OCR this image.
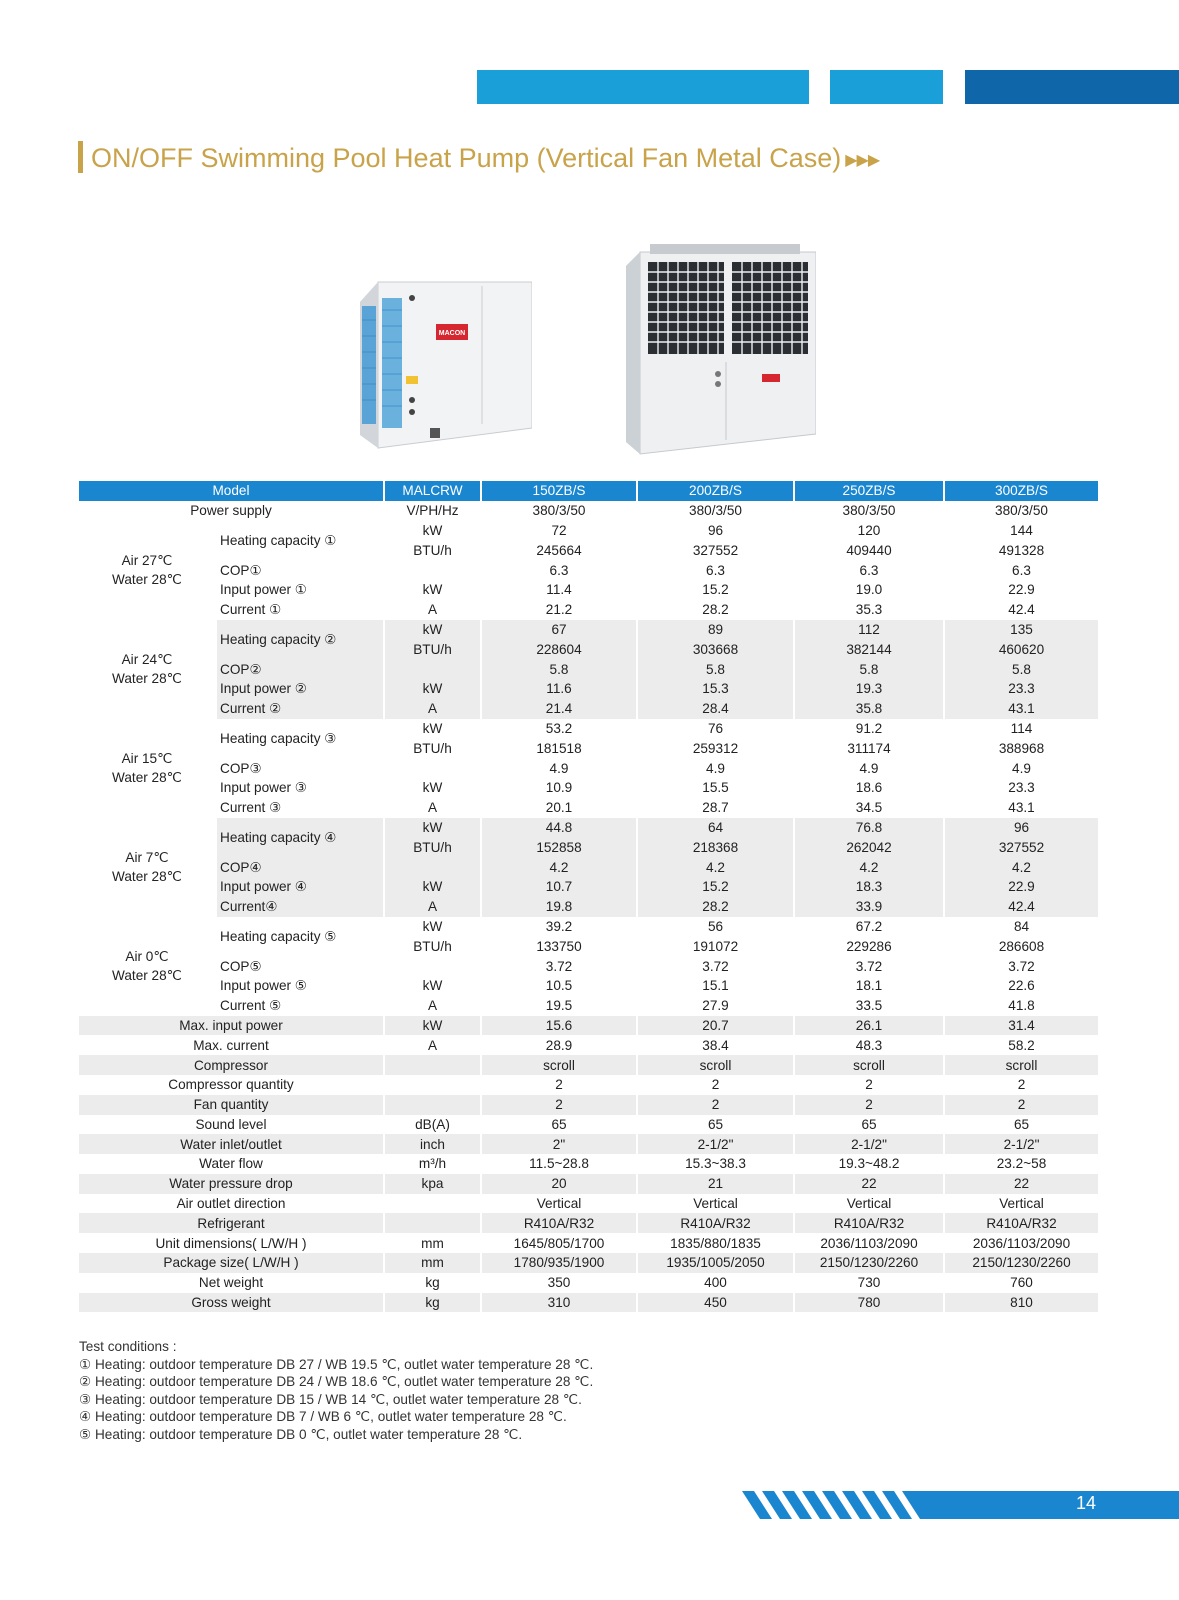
ON/OFF Swimming Pool Heat Pump (Vertical Fan Metal Case) ▶▶▶
MACON
Model		MALCRW	150ZB/S	200ZB/S	250ZB/S	300ZB/S
Power supply		V/PH/Hz	380/3/50	380/3/50	380/3/50	380/3/50

Air 27℃
Water 28℃	Heating capacity ①	kW	72	96	120	144
		BTU/h	245664	327552	409440	491328
	COP①		6.3	6.3	6.3	6.3
	Input power ①	kW	11.4	15.2	19.0	22.9
	Current ①	A	21.2	28.2	35.3	42.4

Air 24℃
Water 28℃	Heating capacity ②	kW	67	89	112	135
		BTU/h	228604	303668	382144	460620
	COP②		5.8	5.8	5.8	5.8
	Input power ②	kW	11.6	15.3	19.3	23.3
	Current ②	A	21.4	28.4	35.8	43.1

Air 15℃
Water 28℃	Heating capacity ③	kW	53.2	76	91.2	114
		BTU/h	181518	259312	311174	388968
	COP③		4.9	4.9	4.9	4.9
	Input power ③	kW	10.9	15.5	18.6	23.3
	Current ③	A	20.1	28.7	34.5	43.1

Air 7℃
Water 28℃	Heating capacity ④	kW	44.8	64	76.8	96
		BTU/h	152858	218368	262042	327552
	COP④		4.2	4.2	4.2	4.2
	Input power ④	kW	10.7	15.2	18.3	22.9
	Current④	A	19.8	28.2	33.9	42.4

Air 0℃
Water 28℃	Heating capacity ⑤	kW	39.2	56	67.2	84
		BTU/h	133750	191072	229286	286608
	COP⑤		3.72	3.72	3.72	3.72
	Input power ⑤	kW	10.5	15.1	18.1	22.6
	Current ⑤	A	19.5	27.9	33.5	41.8
Max. input power		kW	15.6	20.7	26.1	31.4
Max. current		A	28.9	38.4	48.3	58.2
Compressor			scroll	scroll	scroll	scroll
Compressor quantity			2	2	2	2
Fan quantity			2	2	2	2
Sound level		dB(A)	65	65	65	65
Water inlet/outlet		inch	2"	2-1/2"	2-1/2"	2-1/2"
Water flow		m³/h	11.5~28.8	15.3~38.3	19.3~48.2	23.2~58
Water pressure drop		kpa	20	21	22	22
Air outlet direction			Vertical	Vertical	Vertical	Vertical
Refrigerant			R410A/R32	R410A/R32	R410A/R32	R410A/R32
Unit dimensions( L/W/H )		mm	1645/805/1700	1835/880/1835	2036/1103/2090	2036/1103/2090
Package size( L/W/H )		mm	1780/935/1900	1935/1005/2050	2150/1230/2260	2150/1230/2260
Net weight		kg	350	400	730	760
Gross weight		kg	310	450	780	810
Test conditions :
① Heating: outdoor temperature DB 27 / WB 19.5 ℃, outlet water temperature 28 ℃.
② Heating: outdoor temperature DB 24 / WB 18.6 ℃, outlet water temperature 28 ℃.
③ Heating: outdoor temperature DB 15 / WB 14 ℃, outlet water temperature 28 ℃.
④ Heating: outdoor temperature DB 7 / WB 6 ℃, outlet water temperature 28 ℃.
⑤ Heating: outdoor temperature DB 0 ℃, outlet water temperature 28 ℃.
14
